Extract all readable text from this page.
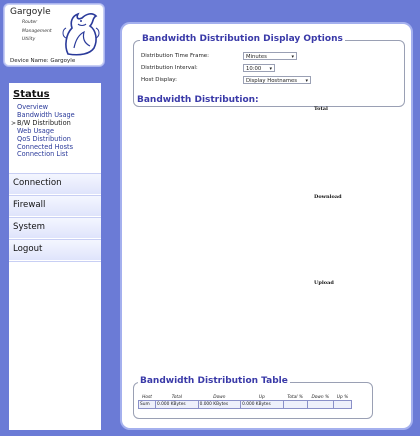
Gargoyle
Router
Management
Utility
Device Name: Gargoyle
Status
Overview
Bandwidth Usage
> B/W Distribution
Web Usage
QoS Distribution
Connected Hosts
Connection List
Connection
Firewall
System
Logout
Bandwidth Distribution Display Options
Distribution Time Frame:	Minutes	▾
Distribution Interval:	10:00 ▾
Host Display:	Display Hostnames ▾
Bandwidth Distribution:
Total
Download
Upload
Bandwidth Distribution Table
Host	Total	Down	Up	Total %	Down %	Up %
Sum	0.000 KBytes	0.000 KBytes	0.000 KBytes			
